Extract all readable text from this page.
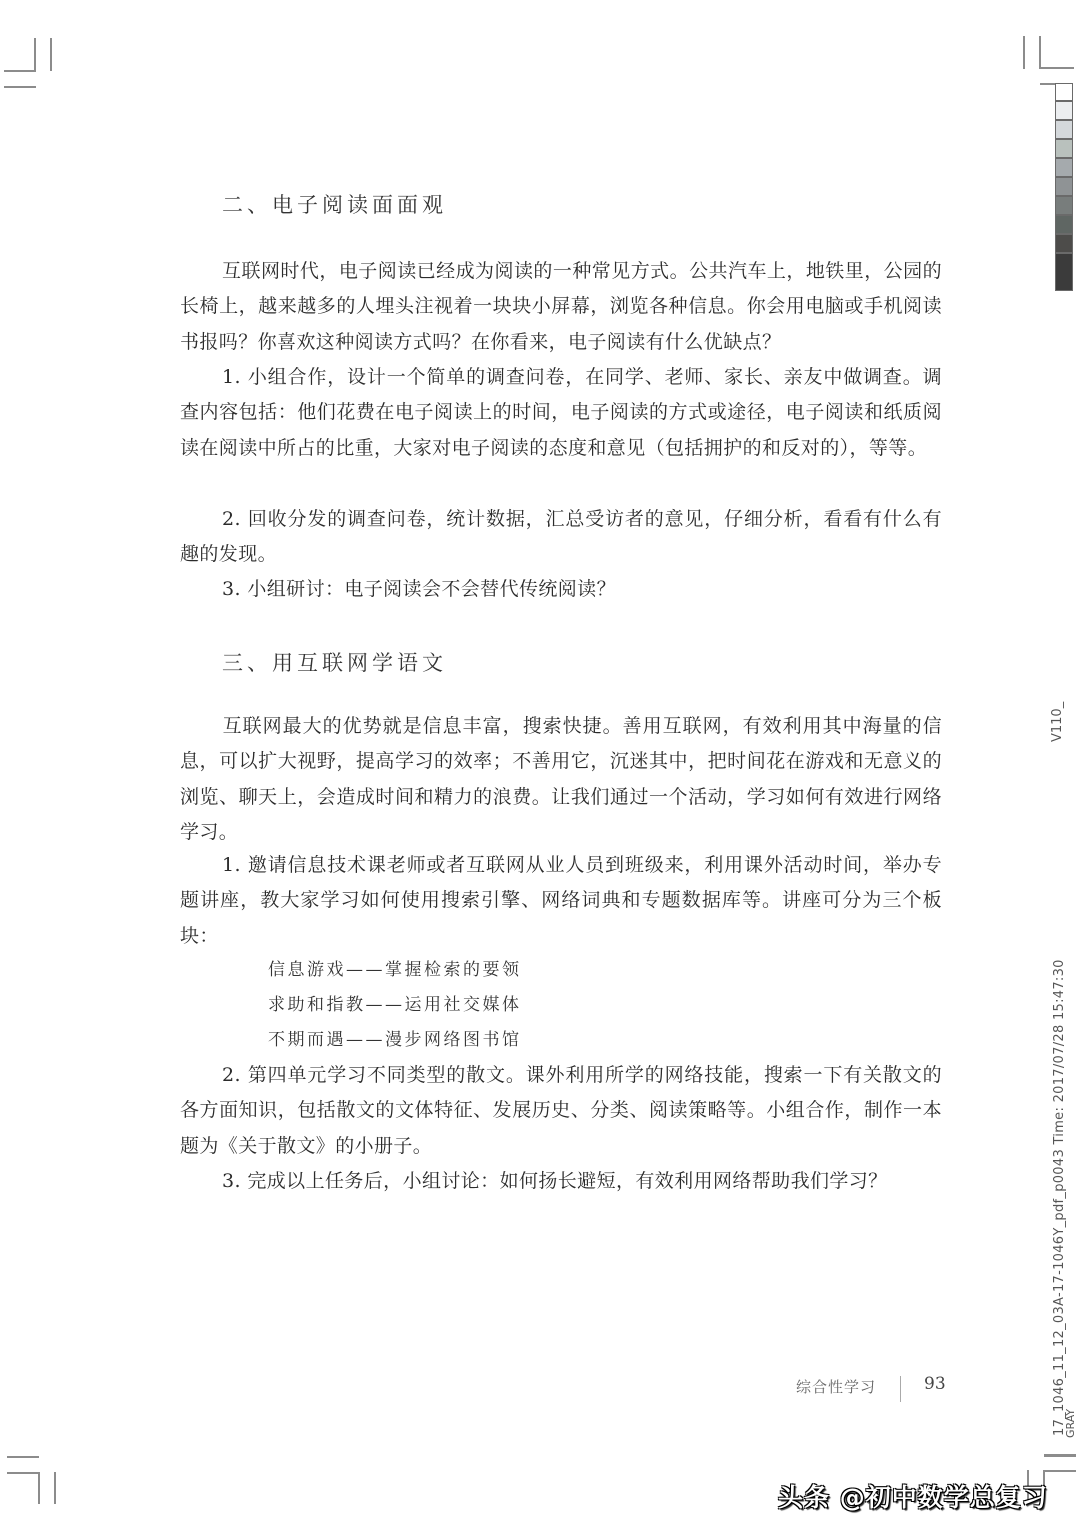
二、电子阅读面面观
互联网时代，电子阅读已经成为阅读的一种常见方式。公共汽车上，地铁里，公园的长椅上，越来越多的人埋头注视着一块块小屏幕，浏览各种信息。你会用电脑或手机阅读书报吗？你喜欢这种阅读方式吗？在你看来，电子阅读有什么优缺点？
1. 小组合作，设计一个简单的调查问卷，在同学、老师、家长、亲友中做调查。调查内容包括：他们花费在电子阅读上的时间，电子阅读的方式或途径，电子阅读和纸质阅读在阅读中所占的比重，大家对电子阅读的态度和意见（包括拥护的和反对的），等等。
2. 回收分发的调查问卷，统计数据，汇总受访者的意见，仔细分析，看看有什么有趣的发现。
3. 小组研讨：电子阅读会不会替代传统阅读？
三、用互联网学语文
互联网最大的优势就是信息丰富，搜索快捷。善用互联网，有效利用其中海量的信息，可以扩大视野，提高学习的效率；不善用它，沉迷其中，把时间花在游戏和无意义的浏览、聊天上，会造成时间和精力的浪费。让我们通过一个活动，学习如何有效进行网络学习。
1. 邀请信息技术课老师或者互联网从业人员到班级来，利用课外活动时间，举办专题讲座，教大家学习如何使用搜索引擎、网络词典和专题数据库等。讲座可分为三个板块：
信息游戏——掌握检索的要领
求助和指教——运用社交媒体
不期而遇——漫步网络图书馆
2. 第四单元学习不同类型的散文。课外利用所学的网络技能，搜索一下有关散文的各方面知识，包括散文的文体特征、发展历史、分类、阅读策略等。小组合作，制作一本题为《关于散文》的小册子。
3. 完成以上任务后，小组讨论：如何扬长避短，有效利用网络帮助我们学习？
综合性学习	93
V110_
17_1046_11_12_03A-17-1046Y_pdf_p0043 Time: 2017/07/28 15:47:30
GRAY
头条 @初中数学总复习
